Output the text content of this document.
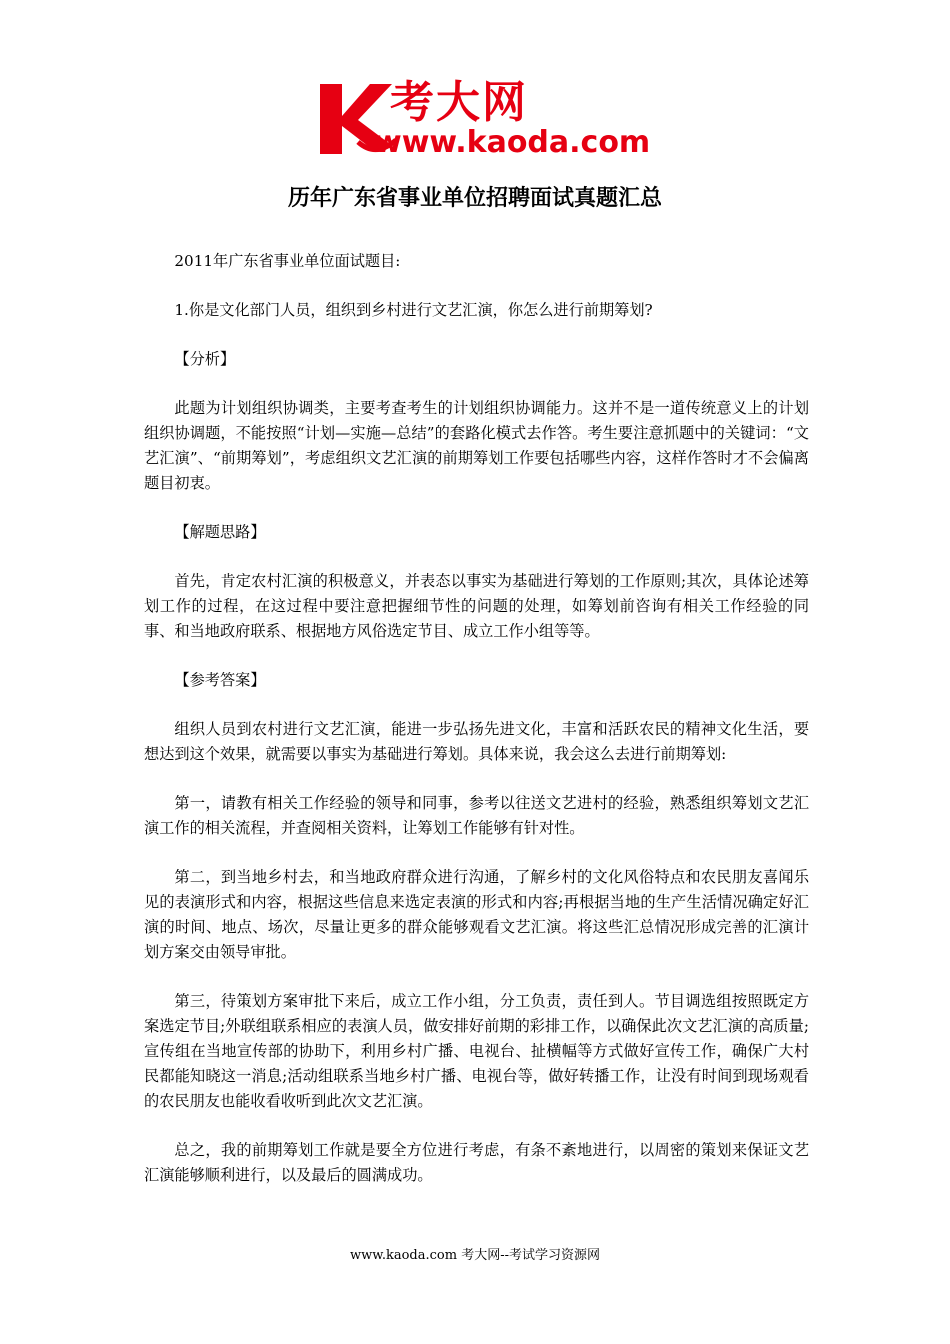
考大网
www.kaoda.com
历年广东省事业单位招聘面试真题汇总

2011年广东省事业单位面试题目:

1.你是文化部门人员，组织到乡村进行文艺汇演，你怎么进行前期筹划?

【分析】

此题为计划组织协调类，主要考查考生的计划组织协调能力。这并不是一道传统意义上的计划组织协调题，不能按照“计划—实施—总结”的套路化模式去作答。考生要注意抓题中的关键词：“文艺汇演”、“前期筹划”，考虑组织文艺汇演的前期筹划工作要包括哪些内容，这样作答时才不会偏离题目初衷。

【解题思路】

首先，肯定农村汇演的积极意义，并表态以事实为基础进行筹划的工作原则;其次，具体论述筹划工作的过程，在这过程中要注意把握细节性的问题的处理，如筹划前咨询有相关工作经验的同事、和当地政府联系、根据地方风俗选定节目、成立工作小组等等。

【参考答案】

组织人员到农村进行文艺汇演，能进一步弘扬先进文化，丰富和活跃农民的精神文化生活，要想达到这个效果，就需要以事实为基础进行筹划。具体来说，我会这么去进行前期筹划:

第一，请教有相关工作经验的领导和同事，参考以往送文艺进村的经验，熟悉组织筹划文艺汇演工作的相关流程，并查阅相关资料，让筹划工作能够有针对性。

第二，到当地乡村去，和当地政府群众进行沟通，了解乡村的文化风俗特点和农民朋友喜闻乐见的表演形式和内容，根据这些信息来选定表演的形式和内容;再根据当地的生产生活情况确定好汇演的时间、地点、场次，尽量让更多的群众能够观看文艺汇演。将这些汇总情况形成完善的汇演计划方案交由领导审批。

第三，待策划方案审批下来后，成立工作小组，分工负责，责任到人。节目调选组按照既定方案选定节目;外联组联系相应的表演人员，做安排好前期的彩排工作，以确保此次文艺汇演的高质量;宣传组在当地宣传部的协助下，利用乡村广播、电视台、扯横幅等方式做好宣传工作，确保广大村民都能知晓这一消息;活动组联系当地乡村广播、电视台等，做好转播工作，让没有时间到现场观看的农民朋友也能收看收听到此次文艺汇演。

总之，我的前期筹划工作就是要全方位进行考虑，有条不紊地进行，以周密的策划来保证文艺汇演能够顺利进行，以及最后的圆满成功。

www.kaoda.com 考大网--考试学习资源网
